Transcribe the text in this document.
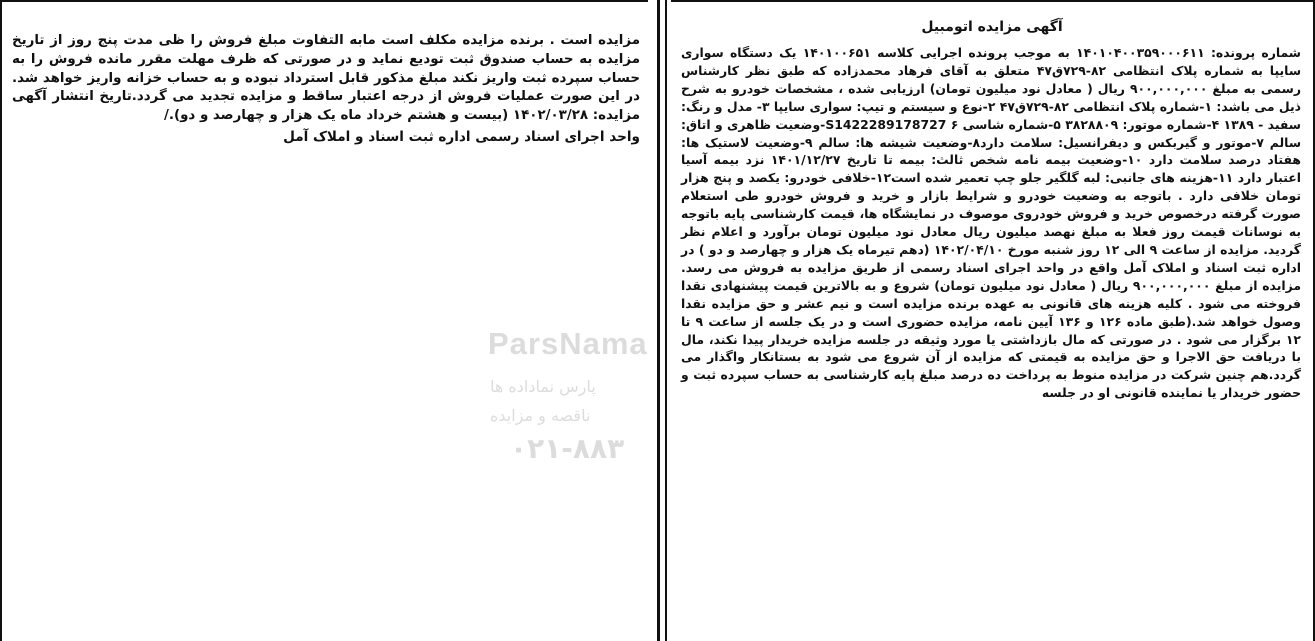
مزایده است . برنده مزایده مکلف است مابه التفاوت مبلغ فروش را ظی مدت پنج روز از تاریخ مزایده به حساب صندوق ثبت تودیع نماید و در صورتی که ظرف مهلت مقرر مانده فروش را به حساب سپرده ثبت واریز نکند مبلغ مذکور قابل استرداد نبوده و به حساب خزانه واریز خواهد شد. در این صورت عملیات فروش از درجه اعتبار ساقط و مزایده تجدید می گردد.تاریخ انتشار آگهی مزایده: ۱۴۰۲/۰۳/۲۸ (بیست و هشتم خرداد ماه یک هزار و چهارصد و دو)./
واحد اجرای اسناد رسمی اداره ثبت اسناد و املاک آمل
آگهی مزایده اتومبیل
شماره پرونده: ۱۴۰۱۰۴۰۰۳۵۹۰۰۰۶۱۱ به موجب پرونده اجرایی کلاسه ۱۴۰۱۰۰۶۵۱ یک دستگاه سواری سایپا به شماره پلاک انتظامی ۸۲-۷۲۹ق۴۷ متعلق به آقای فرهاد محمدزاده که طبق نظر کارشناس رسمی به مبلغ ۹۰۰,۰۰۰,۰۰۰ ریال ( معادل نود میلیون تومان) ارزیابی شده ، مشخصات خودرو به شرح ذیل می باشد: ۱-شماره پلاک انتظامی ۸۲-۷۲۹ق۴۷ ۲-نوع و سیستم و تیپ: سواری سایپا ۳- مدل و رنگ: سفید - ۱۳۸۹ ۴-شماره موتور: ۳۸۲۸۸۰۹ ۵-شماره شاسی S1422289178727 ۶-وضعیت ظاهری و اتاق: سالم ۷-موتور و گیربکس و دیفرانسیل: سلامت دارد۸-وضعیت شیشه ها: سالم ۹-وضعیت لاستیک ها: هفتاد درصد سلامت دارد ۱۰-وضعیت بیمه نامه شخص ثالث: بیمه تا تاریخ ۱۴۰۱/۱۲/۲۷ نزد بیمه آسیا اعتبار دارد ۱۱-هزینه های جانبی: لبه گلگیر جلو چپ تعمیر شده است۱۲-خلافی خودرو: یکصد و پنج هزار تومان خلافی دارد . باتوجه به وضعیت خودرو و شرایط بازار و خرید و فروش خودرو طی استعلام صورت گرفته درخصوص خرید و فروش خودروی موصوف در نمایشگاه ها، قیمت کارشناسی پایه باتوجه به نوسانات قیمت روز فعلا به مبلغ نهصد میلیون ریال معادل نود میلیون تومان برآورد و اعلام نظر گردید. مزایده از ساعت ۹ الی ۱۲ روز شنبه مورخ ۱۴۰۲/۰۴/۱۰ (دهم تیرماه یک هزار و چهارصد و دو ) در اداره ثبت اسناد و املاک آمل واقع در واحد اجرای اسناد رسمی از طریق مزایده به فروش می رسد. مزایده از مبلغ ۹۰۰,۰۰۰,۰۰۰ ریال ( معادل نود میلیون تومان) شروع و به بالاترین قیمت پیشنهادی نقدا فروخته می شود . کلیه هزینه های قانونی به عهده برنده مزایده است و نیم عشر و حق مزایده نقدا وصول خواهد شد.(طبق ماده ۱۲۶ و ۱۳۶ آیین نامه، مزایده حضوری است و در یک جلسه از ساعت ۹ تا ۱۲ برگزار می شود . در صورتی که مال بازداشتی یا مورد وثیقه در جلسه مزایده خریدار پیدا نکند، مال با دریافت حق الاجرا و حق مزایده به قیمتی که مزایده از آن شروع می شود به بستانکار واگذار می گردد.هم چنین شرکت در مزایده منوط به پرداخت ده درصد مبلغ پایه کارشناسی به حساب سپرده ثبت و حضور خریدار یا نماینده قانونی او در جلسه
ParsNama
پارس نماداده ها
ناقصه و مزایده
۰۲۱-۸۸۳
